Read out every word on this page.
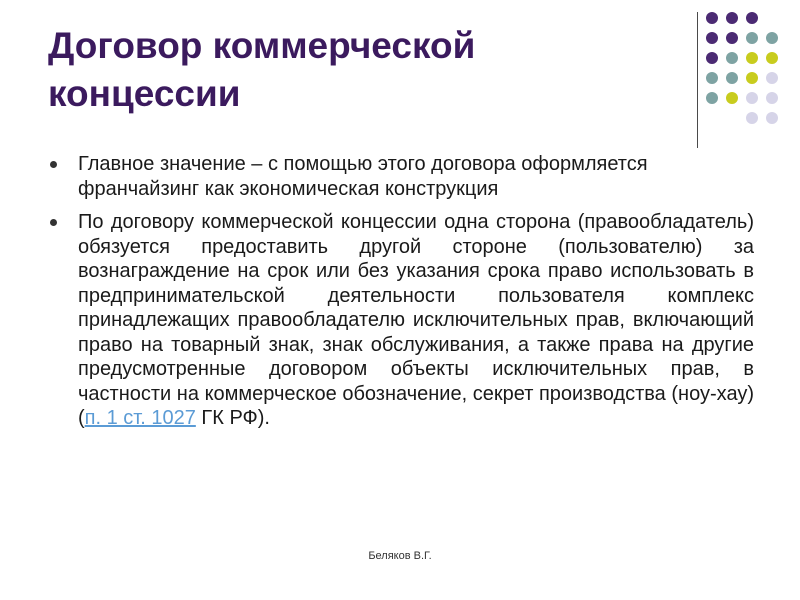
Договор коммерческой концессии
Главное значение – с помощью этого договора оформляется франчайзинг как экономическая конструкция
По договору коммерческой концессии одна сторона (правообладатель) обязуется предоставить другой стороне (пользователю) за вознаграждение на срок или без указания срока право использовать в предпринимательской деятельности пользователя комплекс принадлежащих правообладателю исключительных прав, включающий право на товарный знак, знак обслуживания, а также права на другие предусмотренные договором объекты исключительных прав, в частности на коммерческое обозначение, секрет производства (ноу-хау) (п. 1 ст. 1027 ГК РФ).
Беляков В.Г.
